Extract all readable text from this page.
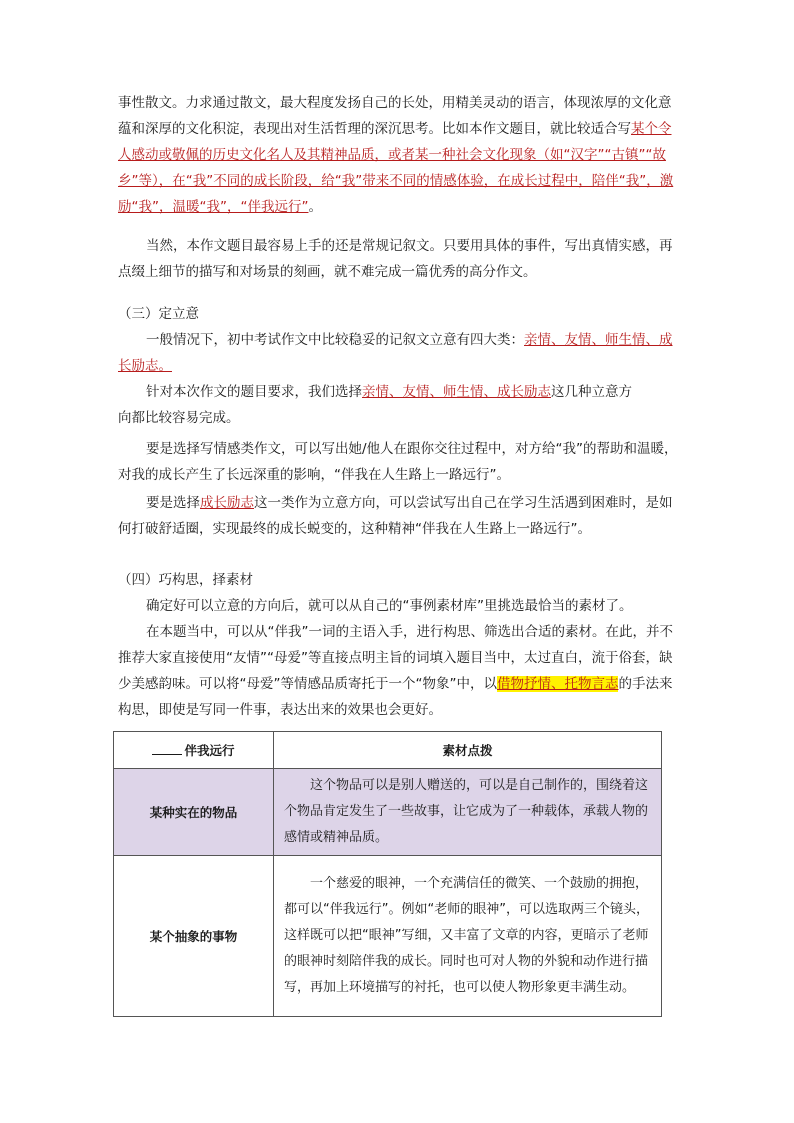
事性散文。力求通过散文，最大程度发扬自己的长处，用精美灵动的语言，体现浓厚的文化意蕴和深厚的文化积淀，表现出对生活哲理的深沉思考。比如本作文题目，就比较适合写某个令人感动或敬佩的历史文化名人及其精神品质，或者某一种社会文化现象（如“汉字”“古镇”“故乡”等），在“我”不同的成长阶段，给“我”带来不同的情感体验，在成长过程中，陪伴“我”，激励“我”，温暖“我”，“伴我远行”。

当然，本作文题目最容易上手的还是常规记叙文。只要用具体的事件，写出真情实感，再点缀上细节的描写和对场景的刻画，就不难完成一篇优秀的高分作文。

（三）定立意

一般情况下，初中考试作文中比较稳妥的记叙文立意有四大类：亲情、友情、师生情、成长励志。

针对本次作文的题目要求，我们选择亲情、友情、师生情、成长励志这几种立意方向都比较容易完成。

要是选择写情感类作文，可以写出她/他人在跟你交往过程中，对方给“我”的帮助和温暖，对我的成长产生了长远深重的影响，“伴我在人生路上一路远行”。

要是选择成长励志这一类作为立意方向，可以尝试写出自己在学习生活遇到困难时，是如何打破舒适圈，实现最终的成长蜕变的，这种精神“伴我在人生路上一路远行”。

（四）巧构思，择素材

确定好可以立意的方向后，就可以从自己的“事例素材库”里挑选最恰当的素材了。

在本题当中，可以从“伴我”一词的主语入手，进行构思、筛选出合适的素材。在此，并不推荐大家直接使用“友情”“母爱”等直接点明主旨的词填入题目当中，太过直白，流于俗套，缺少美感韵味。可以将“母爱”等情感品质寄托于一个“物象”中，以借物抒情、托物言志的手法来构思，即使是写同一件事，表达出来的效果也会更好。

伴我远行	素材点拨
某种实在的物品	这个物品可以是别人赠送的，可以是自己制作的，围绕着这个物品肯定发生了一些故事，让它成为了一种载体，承载人物的感情或精神品质。
某个抽象的事物	一个慈爱的眼神，一个充满信任的微笑、一个鼓励的拥抱，都可以“伴我远行”。例如“老师的眼神”，可以选取两三个镜头，这样既可以把“眼神”写细，又丰富了文章的内容，更暗示了老师的眼神时刻陪伴我的成长。同时也可对人物的外貌和动作进行描写，再加上环境描写的衬托，也可以使人物形象更丰满生动。
